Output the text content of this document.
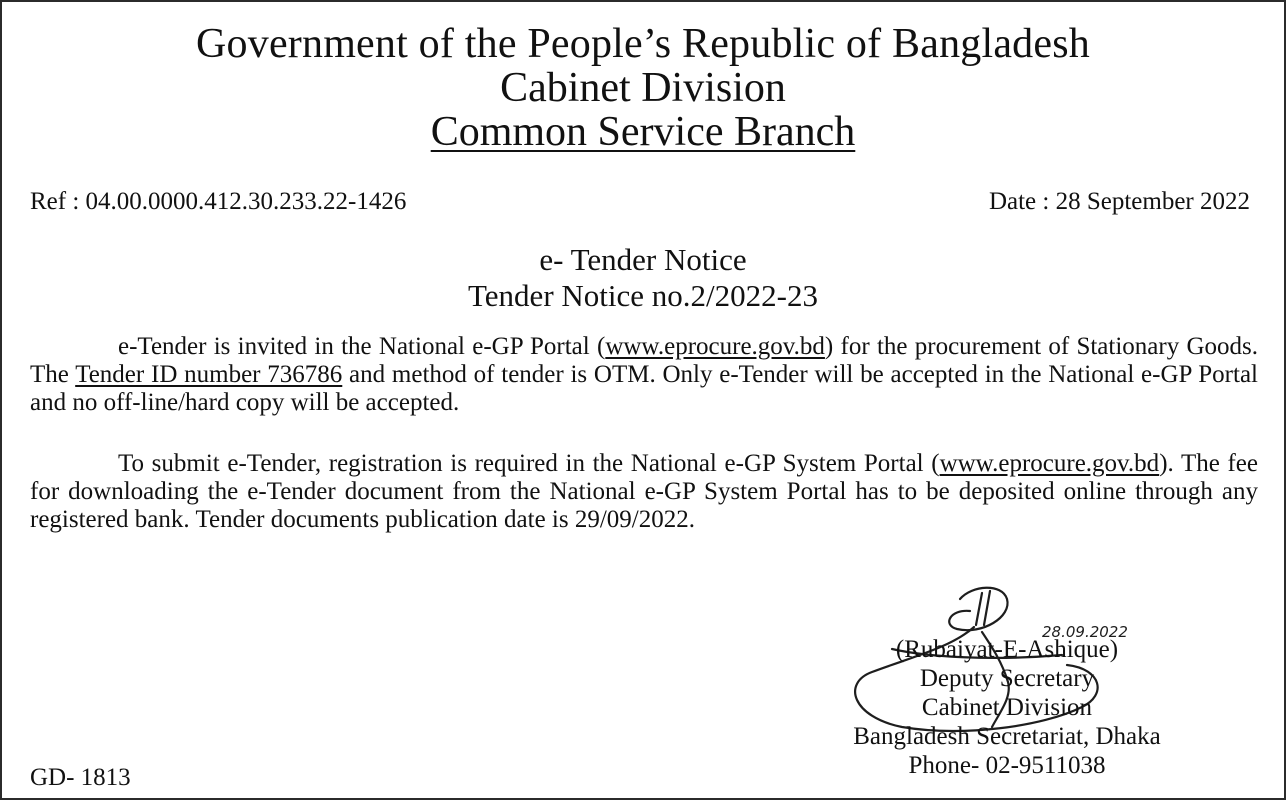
Government of the People’s Republic of Bangladesh
Cabinet Division
Common Service Branch
Ref : 04.00.0000.412.30.233.22-1426	Date : 28 September 2022
e- Tender Notice
Tender Notice no.2/2022-23
e-Tender is invited in the National e-GP Portal (www.eprocure.gov.bd) for the procurement of Stationary Goods. The Tender ID number 736786 and method of tender is OTM. Only e-Tender will be accepted in the National e-GP Portal and no off-line/hard copy will be accepted.
To submit e-Tender, registration is required in the National e-GP System Portal (www.eprocure.gov.bd). The fee for downloading the e-Tender document from the National e-GP System Portal has to be deposited online through any registered bank. Tender documents publication date is 29/09/2022.
28.09.2022
(Rubaiyat-E-Ashique)
Deputy Secretary
Cabinet Division
Bangladesh Secretariat, Dhaka
Phone- 02-9511038
GD- 1813
